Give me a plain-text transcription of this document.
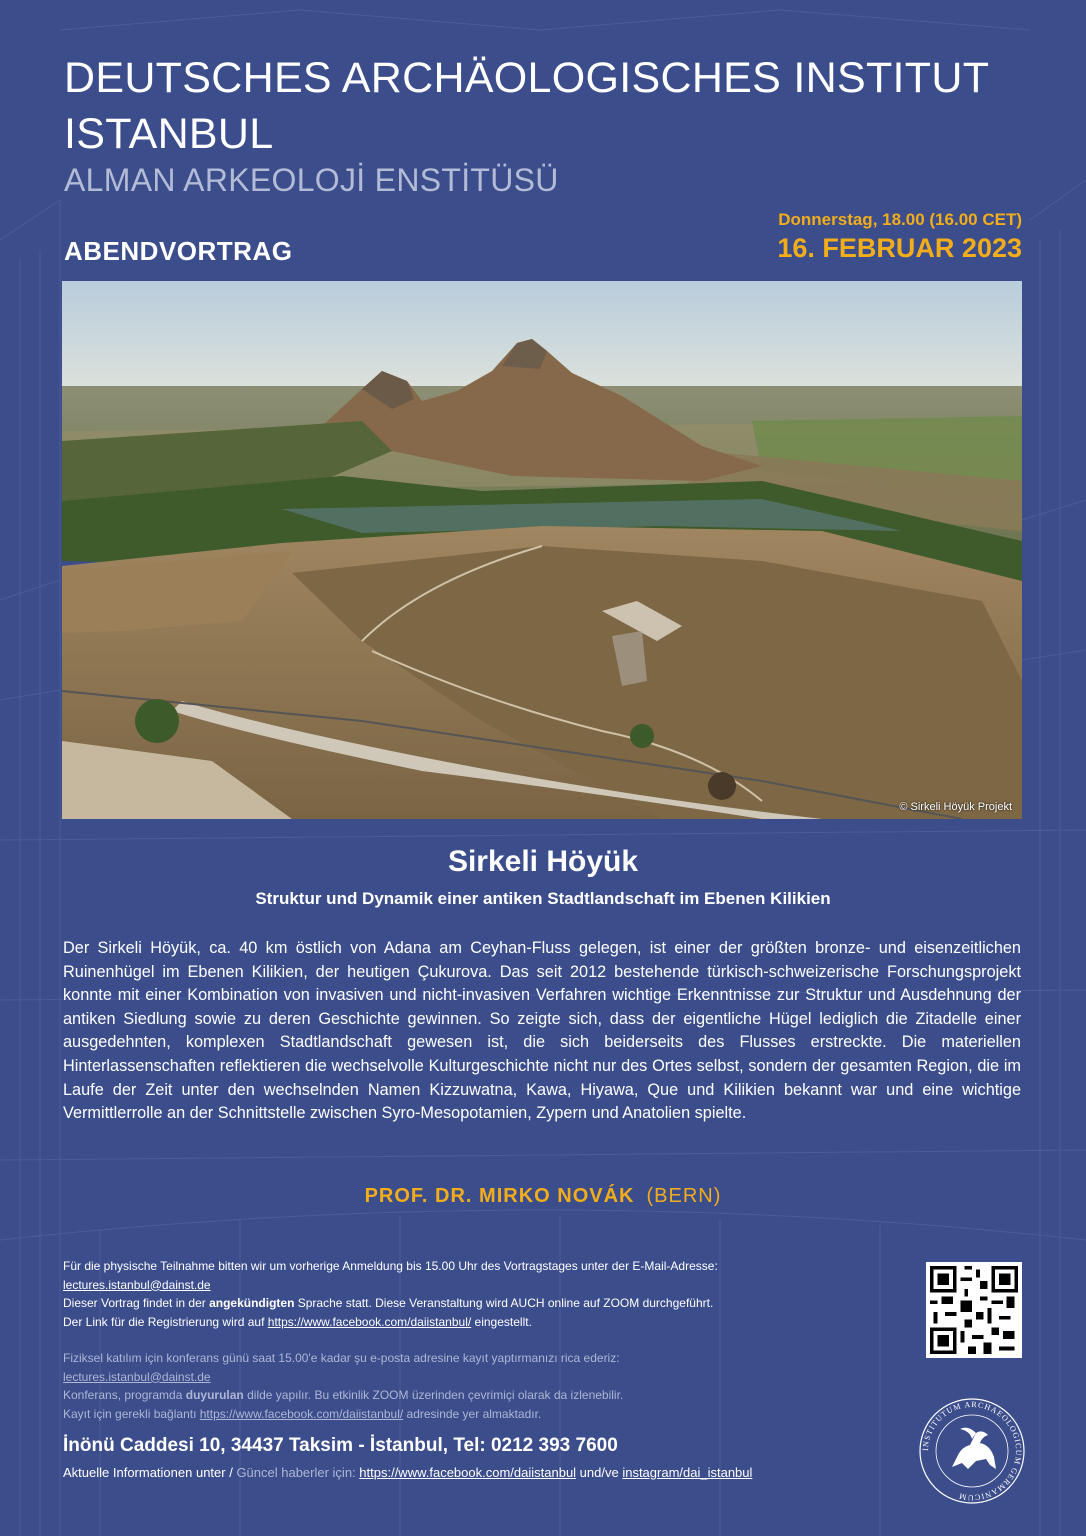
DEUTSCHES ARCHÄOLOGISCHES INSTITUT ISTANBUL
ALMAN ARKEOLOJİ ENSTİTÜSÜ
Donnerstag, 18.00 (16.00 CET)
ABENDVORTRAG	16. FEBRUAR 2023
© Sirkeli Höyük Projekt
Sirkeli Höyük
Struktur und Dynamik einer antiken Stadtlandschaft im Ebenen Kilikien

Der Sirkeli Höyük, ca. 40 km östlich von Adana am Ceyhan-Fluss gelegen, ist einer der größten bronze- und eisenzeitlichen Ruinenhügel im Ebenen Kilikien, der heutigen Çukurova. Das seit 2012 bestehende türkisch-schweizerische Forschungsprojekt konnte mit einer Kombination von invasiven und nicht-invasiven Verfahren wichtige Erkenntnisse zur Struktur und Ausdehnung der antiken Siedlung sowie zu deren Geschichte gewinnen. So zeigte sich, dass der eigentliche Hügel lediglich die Zitadelle einer ausgedehnten, komplexen Stadtlandschaft gewesen ist, die sich beiderseits des Flusses erstreckte. Die materiellen Hinterlassenschaften reflektieren die wechselvolle Kulturgeschichte nicht nur des Ortes selbst, sondern der gesamten Region, die im Laufe der Zeit unter den wechselnden Namen Kizzuwatna, Kawa, Hiyawa, Que und Kilikien bekannt war und eine wichtige Vermittlerrolle an der Schnittstelle zwischen Syro-Mesopotamien, Zypern und Anatolien spielte.

PROF. DR. MIRKO NOVÁK (BERN)
Für die physische Teilnahme bitten wir um vorherige Anmeldung bis 15.00 Uhr des Vortragstages unter der E-Mail-Adresse:
lectures.istanbul@dainst.de
Dieser Vortrag findet in der angekündigten Sprache statt. Diese Veranstaltung wird AUCH online auf ZOOM durchgeführt.
Der Link für die Registrierung wird auf https://www.facebook.com/daiistanbul/ eingestellt.
Fiziksel katılım için konferans günü saat 15.00'e kadar şu e-posta adresine kayıt yaptırmanızı rica ederiz:
lectures.istanbul@dainst.de
Konferans, programda duyurulan dilde yapılır. Bu etkinlik ZOOM üzerinden çevrimiçi olarak da izlenebilir.
Kayıt için gerekli bağlantı https://www.facebook.com/daiistanbul/ adresinde yer almaktadır.
INSTITUTUM ARCHAEOLOGICUM GERMANICUM
İnönü Caddesi 10, 34437 Taksim - İstanbul, Tel: 0212 393 7600
Aktuelle Informationen unter / Güncel haberler için: https://www.facebook.com/daiistanbul und/ve instagram/dai_istanbul
